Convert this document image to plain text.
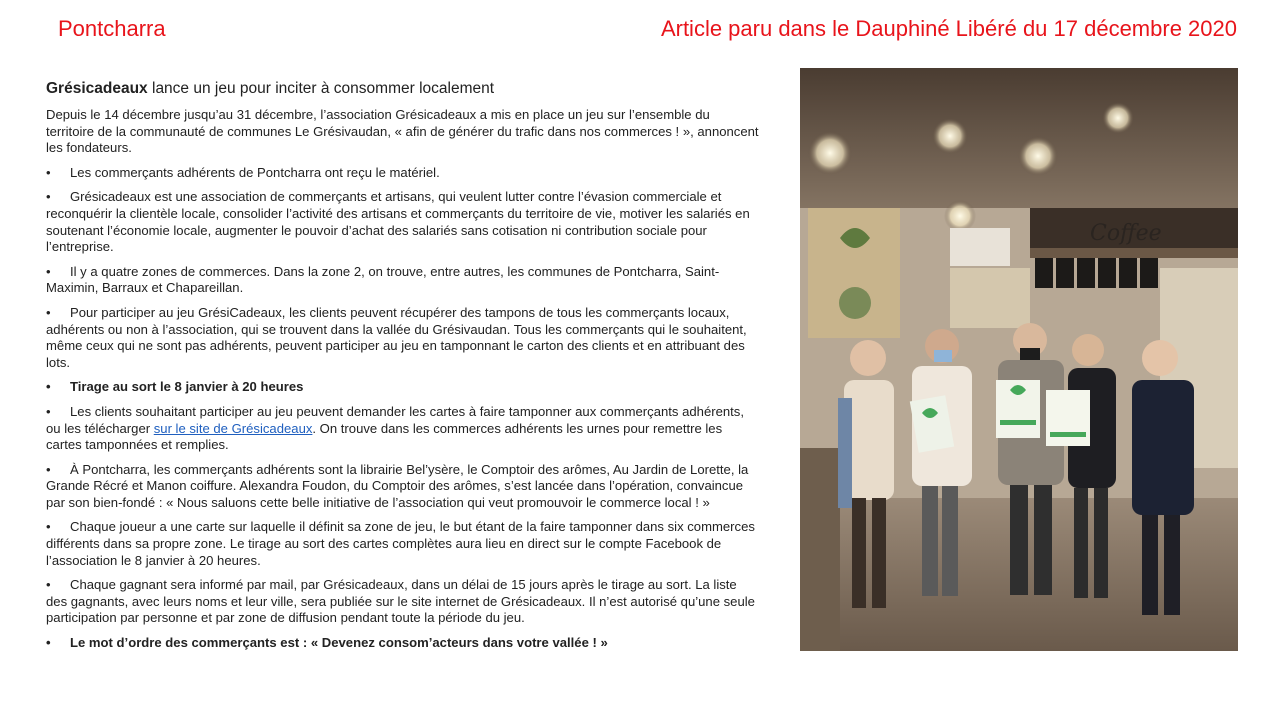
Pontcharra	Article paru dans le Dauphiné Libéré du 17 décembre 2020

Grésicadeaux lance un jeu pour inciter à consommer localement

Depuis le 14 décembre jusqu’au 31 décembre, l’association Grésicadeaux a mis en place un jeu sur l’ensemble du territoire de la communauté de communes Le Grésivaudan, « afin de générer du trafic dans nos commerces ! », annoncent les fondateurs.

• Les commerçants adhérents de Pontcharra ont reçu le matériel.

• Grésicadeaux est une association de commerçants et artisans, qui veulent lutter contre l’évasion commerciale et reconquérir la clientèle locale, consolider l’activité des artisans et commerçants du territoire de vie, motiver les salariés en soutenant l’économie locale, augmenter le pouvoir d’achat des salariés sans cotisation ni contribution sociale pour l’entreprise.

• Il y a quatre zones de commerces. Dans la zone 2, on trouve, entre autres, les communes de Pontcharra, Saint-Maximin, Barraux et Chapareillan.

• Pour participer au jeu GrésiCadeaux, les clients peuvent récupérer des tampons de tous les commerçants locaux, adhérents ou non à l’association, qui se trouvent dans la vallée du Grésivaudan. Tous les commerçants qui le souhaitent, même ceux qui ne sont pas adhérents, peuvent participer au jeu en tamponnant le carton des clients et en attribuant des lots.

• Tirage au sort le 8 janvier à 20 heures

• Les clients souhaitant participer au jeu peuvent demander les cartes à faire tamponner aux commerçants adhérents, ou les télécharger sur le site de Grésicadeaux. On trouve dans les commerces adhérents les urnes pour remettre les cartes tamponnées et remplies.

• À Pontcharra, les commerçants adhérents sont la librairie Bel’ysère, le Comptoir des arômes, Au Jardin de Lorette, la Grande Récré et Manon coiffure. Alexandra Foudon, du Comptoir des arômes, s’est lancée dans l’opération, convaincue par son bien-fondé : « Nous saluons cette belle initiative de l’association qui veut promouvoir le commerce local ! »

• Chaque joueur a une carte sur laquelle il définit sa zone de jeu, le but étant de la faire tamponner dans six commerces différents dans sa propre zone. Le tirage au sort des cartes complètes aura lieu en direct sur le compte Facebook de l’association le 8 janvier à 20 heures.

• Chaque gagnant sera informé par mail, par Grésicadeaux, dans un délai de 15 jours après le tirage au sort. La liste des gagnants, avec leurs noms et leur ville, sera publiée sur le site internet de Grésicadeaux. Il n’est autorisé qu’une seule participation par personne et par zone de diffusion pendant toute la période du jeu.

• Le mot d’ordre des commerçants est : « Devenez consom’acteurs dans votre vallée ! »

Coffee
